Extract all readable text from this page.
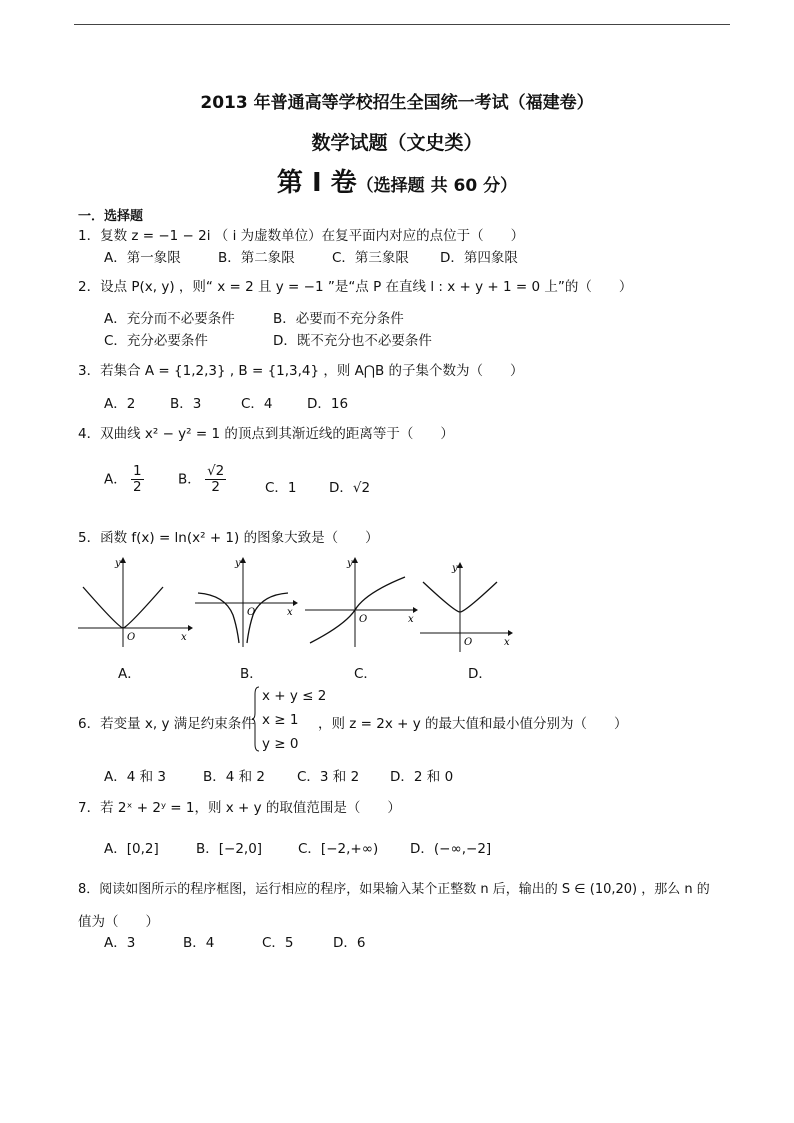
2013 年普通高等学校招生全国统一考试（福建卷）
数学试题（文史类）
第 I 卷（选择题 共 60 分）
一．选择题
1．复数 z = −1 − 2i （ i 为虚数单位）在复平面内对应的点位于（　　）
A．第一象限	B．第二象限	C．第三象限 D．第四象限
2．设点 P(x, y) ，则“ x = 2 且 y = −1 ”是“点 P 在直线 l : x + y + 1 = 0 上”的（　　）
A．充分而不必要条件	B．必要而不充分条件
C．充分必要条件	D．既不充分也不必要条件
3．若集合 A = {1,2,3} , B = {1,3,4} ，则 A⋂B 的子集个数为（　　）
A．2	B．3	C．4	D．16
4．双曲线 x² − y² = 1 的顶点到其渐近线的距离等于（　　）
A． $\frac{1}{2}$	B． $\frac{√2}{2}$	C．1 D．√2
5．函数 f(x) = ln(x² + 1) 的图象大致是（　　）
y
x
O
y
x
O
y
x
O
y
x
O
A．	B．	C．	D．
6．若变量 x, y 满足约束条件
x + y ≤ 2
x ≥ 1
y ≥ 0
，则 z = 2x + y 的最大值和最小值分别为（　　）
A．4 和 3	B．4 和 2 C．3 和 2 D．2 和 0
7．若 2ˣ + 2ʸ = 1，则 x + y 的取值范围是（　　）
A．[0,2]	B．[−2,0]	C．[−2,+∞) D．(−∞,−2]
8．阅读如图所示的程序框图，运行相应的程序，如果输入某个正整数 n 后，输出的 S ∈ (10,20) ，那么 n 的
值为（　　）
A．3	B．4	C．5	D．6
